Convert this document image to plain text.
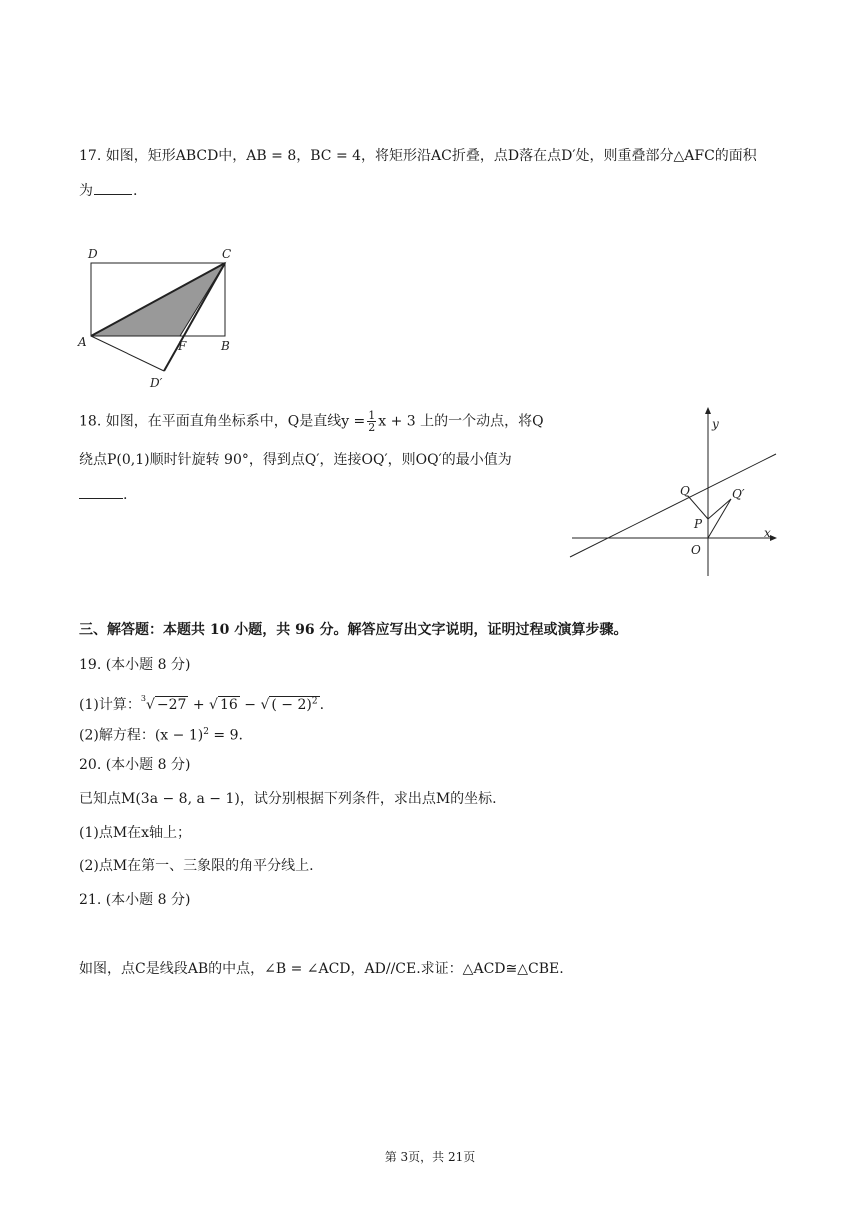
17. 如图，矩形ABCD中，AB = 8，BC = 4，将矩形沿AC折叠，点D落在点D′处，则重叠部分△AFC的面积
为	.
D	C
A	F	B
D′
18. 如图，在平面直角坐标系中，Q是直线$y = \frac{1}{2}$ x + 3 上的一个动点，将Q
绕点P(0,1)顺时针旋转 90°，得到点Q′，连接OQ′，则OQ′的最小值为
.
y
x
Q	Q′
P
O
三、解答题：本题共 10 小题，共 96 分。解答应写出文字说明，证明过程或演算步骤。
19. (本小题 8 分)
(1)计算：$^3$√ −27 + √ 16 − √ ( − 2)$^2$ .
(2)解方程：$(x - 1)^2 = 9$.
20. (本小题 8 分)
已知点M(3a − 8, a − 1)，试分别根据下列条件，求出点M的坐标.
(1)点M在x轴上；
(2)点M在第一、三象限的角平分线上.
21. (本小题 8 分)
如图，点C是线段AB的中点，∠B = ∠ACD，AD//CE.求证：△ACD≅△CBE.
第 3页，共 21页
